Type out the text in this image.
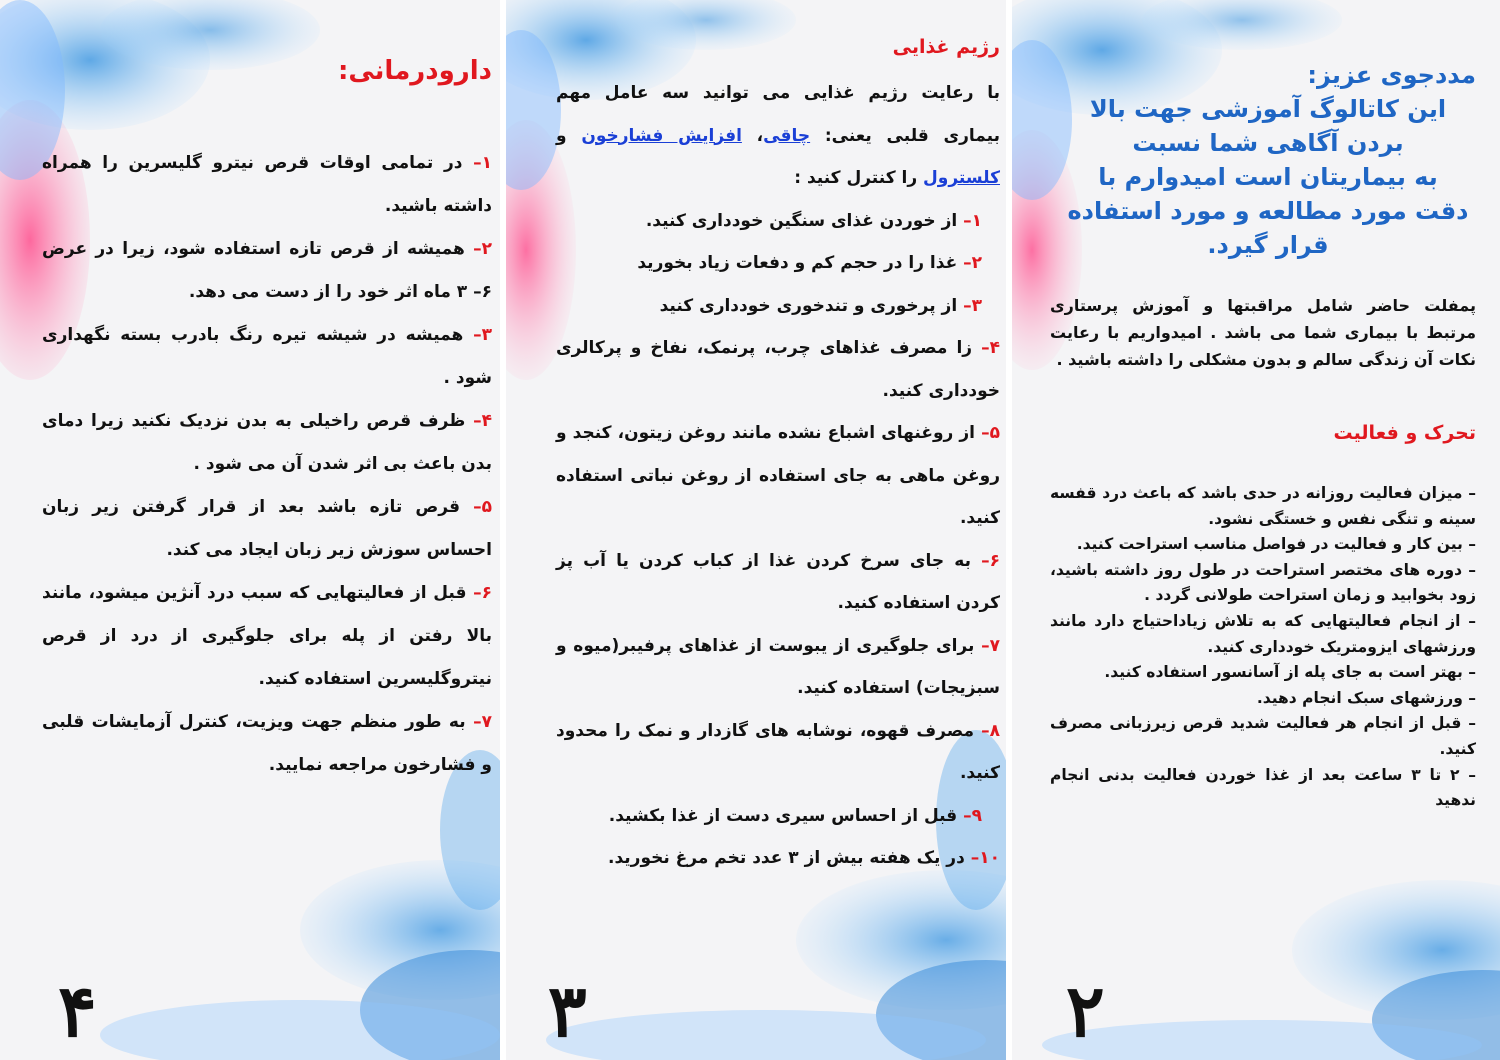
دارودرمانی:

۱– در تمامی اوقات قرص نیترو گلیسرین را همراه داشته باشید.

۲– همیشه از قرص تازه استفاده شود، زیرا در عرض ۶– ۳ ماه اثر خود را از دست می دهد.

۳– همیشه در شیشه تیره رنگ بادرب بسته نگهداری شود .

۴– ظرف قرص راخیلی به بدن نزدیک نکنید زیرا دمای بدن باعث بی اثر شدن آن می شود .

۵– قرص تازه باشد بعد از قرار گرفتن زیر زبان احساس سوزش زیر زبان ایجاد می کند.

۶– قبل از فعالیتهایی که سبب درد آنژین میشود، مانند بالا رفتن از پله برای جلوگیری از درد از قرص نیتروگلیسرین استفاده کنید.

۷– به طور منظم جهت ویزیت، کنترل آزمایشات قلبی و فشارخون مراجعه نمایید.

۴
رژیم غذایی

با رعایت رژیم غذایی می توانید سه عامل مهم بیماری قلبی یعنی: چاقی، افزایش فشارخون و کلسترول را کنترل کنید :

۱– از خوردن غذای سنگین خودداری کنید.

۲– غذا را در حجم کم و دفعات زیاد بخورید

۳– از پرخوری و تندخوری خودداری کنید

۴– زا مصرف غذاهای چرب، پرنمک، نفاخ و پرکالری خودداری کنید.

۵– از روغنهای اشباع نشده مانند روغن زیتون، کنجد و روغن ماهی به جای استفاده از روغن نباتی استفاده کنید.

۶– به جای سرخ کردن غذا از کباب کردن یا آب پز کردن استفاده کنید.

۷– برای جلوگیری از یبوست از غذاهای پرفیبر(میوه و سبزیجات) استفاده کنید.

۸– مصرف قهوه، نوشابه های گازدار و نمک را محدود کنید.

۹– قبل از احساس سیری دست از غذا بکشید.

۱۰– در یک هفته بیش از ۳ عدد تخم مرغ نخورید.

۳
مددجوی عزیز:
این کاتالوگ آموزشی جهت بالا
بردن آگاهی شما نسبت
به بیماریتان است امیدوارم با
دقت مورد مطالعه و مورد استفاده
قرار گیرد.
پمفلت حاضر شامل مراقبتها و آموزش پرستاری مرتبط با بیماری شما می باشد . امیدواریم با رعایت نکات آن زندگی سالم و بدون مشکلی را داشته باشید .
تحرک و فعالیت

– میزان فعالیت روزانه در حدی باشد که باعث درد قفسه سینه و تنگی نفس و خستگی نشود.

– بین کار و فعالیت در فواصل مناسب استراحت کنید.

– دوره های مختصر استراحت در طول روز داشته باشید، زود بخوابید و زمان استراحت طولانی گردد .

– از انجام فعالیتهایی که به تلاش زیاداحتیاج دارد مانند ورزشهای ایزومتریک خودداری کنید.

– بهتر است به جای پله از آسانسور استفاده کنید.

– ورزشهای سبک انجام دهید.

– قبل از انجام هر فعالیت شدید قرص زیرزبانی مصرف کنید.

– ۲ تا ۳ ساعت بعد از غذا خوردن فعالیت بدنی انجام ندهید

۲
